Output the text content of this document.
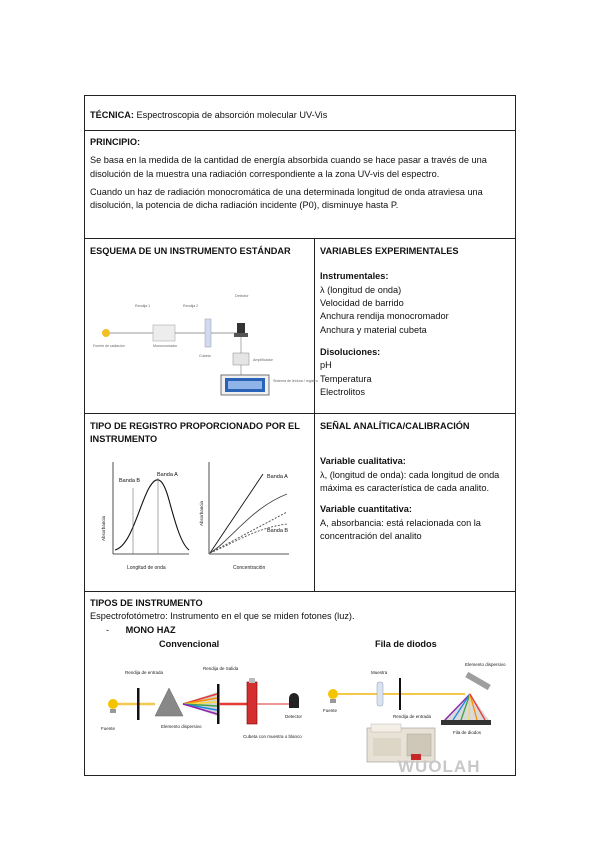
TÉCNICA: Espectroscopia de absorción molecular UV-Vis

PRINCIPIO:

Se basa en la medida de la cantidad de energía absorbida cuando se hace pasar a través de una disolución de la muestra una radiación correspondiente a la zona UV-vis del espectro.

Cuando un haz de radiación monocromática de una determinada longitud de onda atraviesa una disolución, la potencia de dicha radiación incidente (P0), disminuye hasta P.

ESQUEMA DE UN INSTRUMENTO ESTÁNDAR
Fuente de radiación	Monocromador
Rendija 1	Rendija 2
Cubeta
Detector
Amplificador
Sistema de lectura / registro
VARIABLES EXPERIMENTALES
Instrumentales:
λ (longitud de onda)
Velocidad de barrido
Anchura rendija monocromador
Anchura y material cubeta
Disoluciones:
pH
Temperatura
Electrolitos
TIPO DE REGISTRO PROPORCIONADO POR EL INSTRUMENTO
Banda B
Banda A
Absorbancia
Longitud de onda
Banda A
Banda B
Absorbancia
Concentración
SEÑAL ANALÍTICA/CALIBRACIÓN
Variable cualitativa:
λ, (longitud de onda): cada longitud de onda máxima es característica de cada analito.
Variable cuantitativa:
A, absorbancia: está relacionada con la concentración del analito
TIPOS DE INSTRUMENTO
Espectrofotómetro: Instrumento en el que se miden fotones (luz).
- MONO HAZ
Convencional	Fila de diodos
Rendija de entrada
Elemento dispersivo
Rendija de Salida
Cubeta con muestra o blanco
Detector
Fuente
Muestra
Rendija de entrada
Elemento dispersivo
Fila de diodos
Fuente
WUOLAH
